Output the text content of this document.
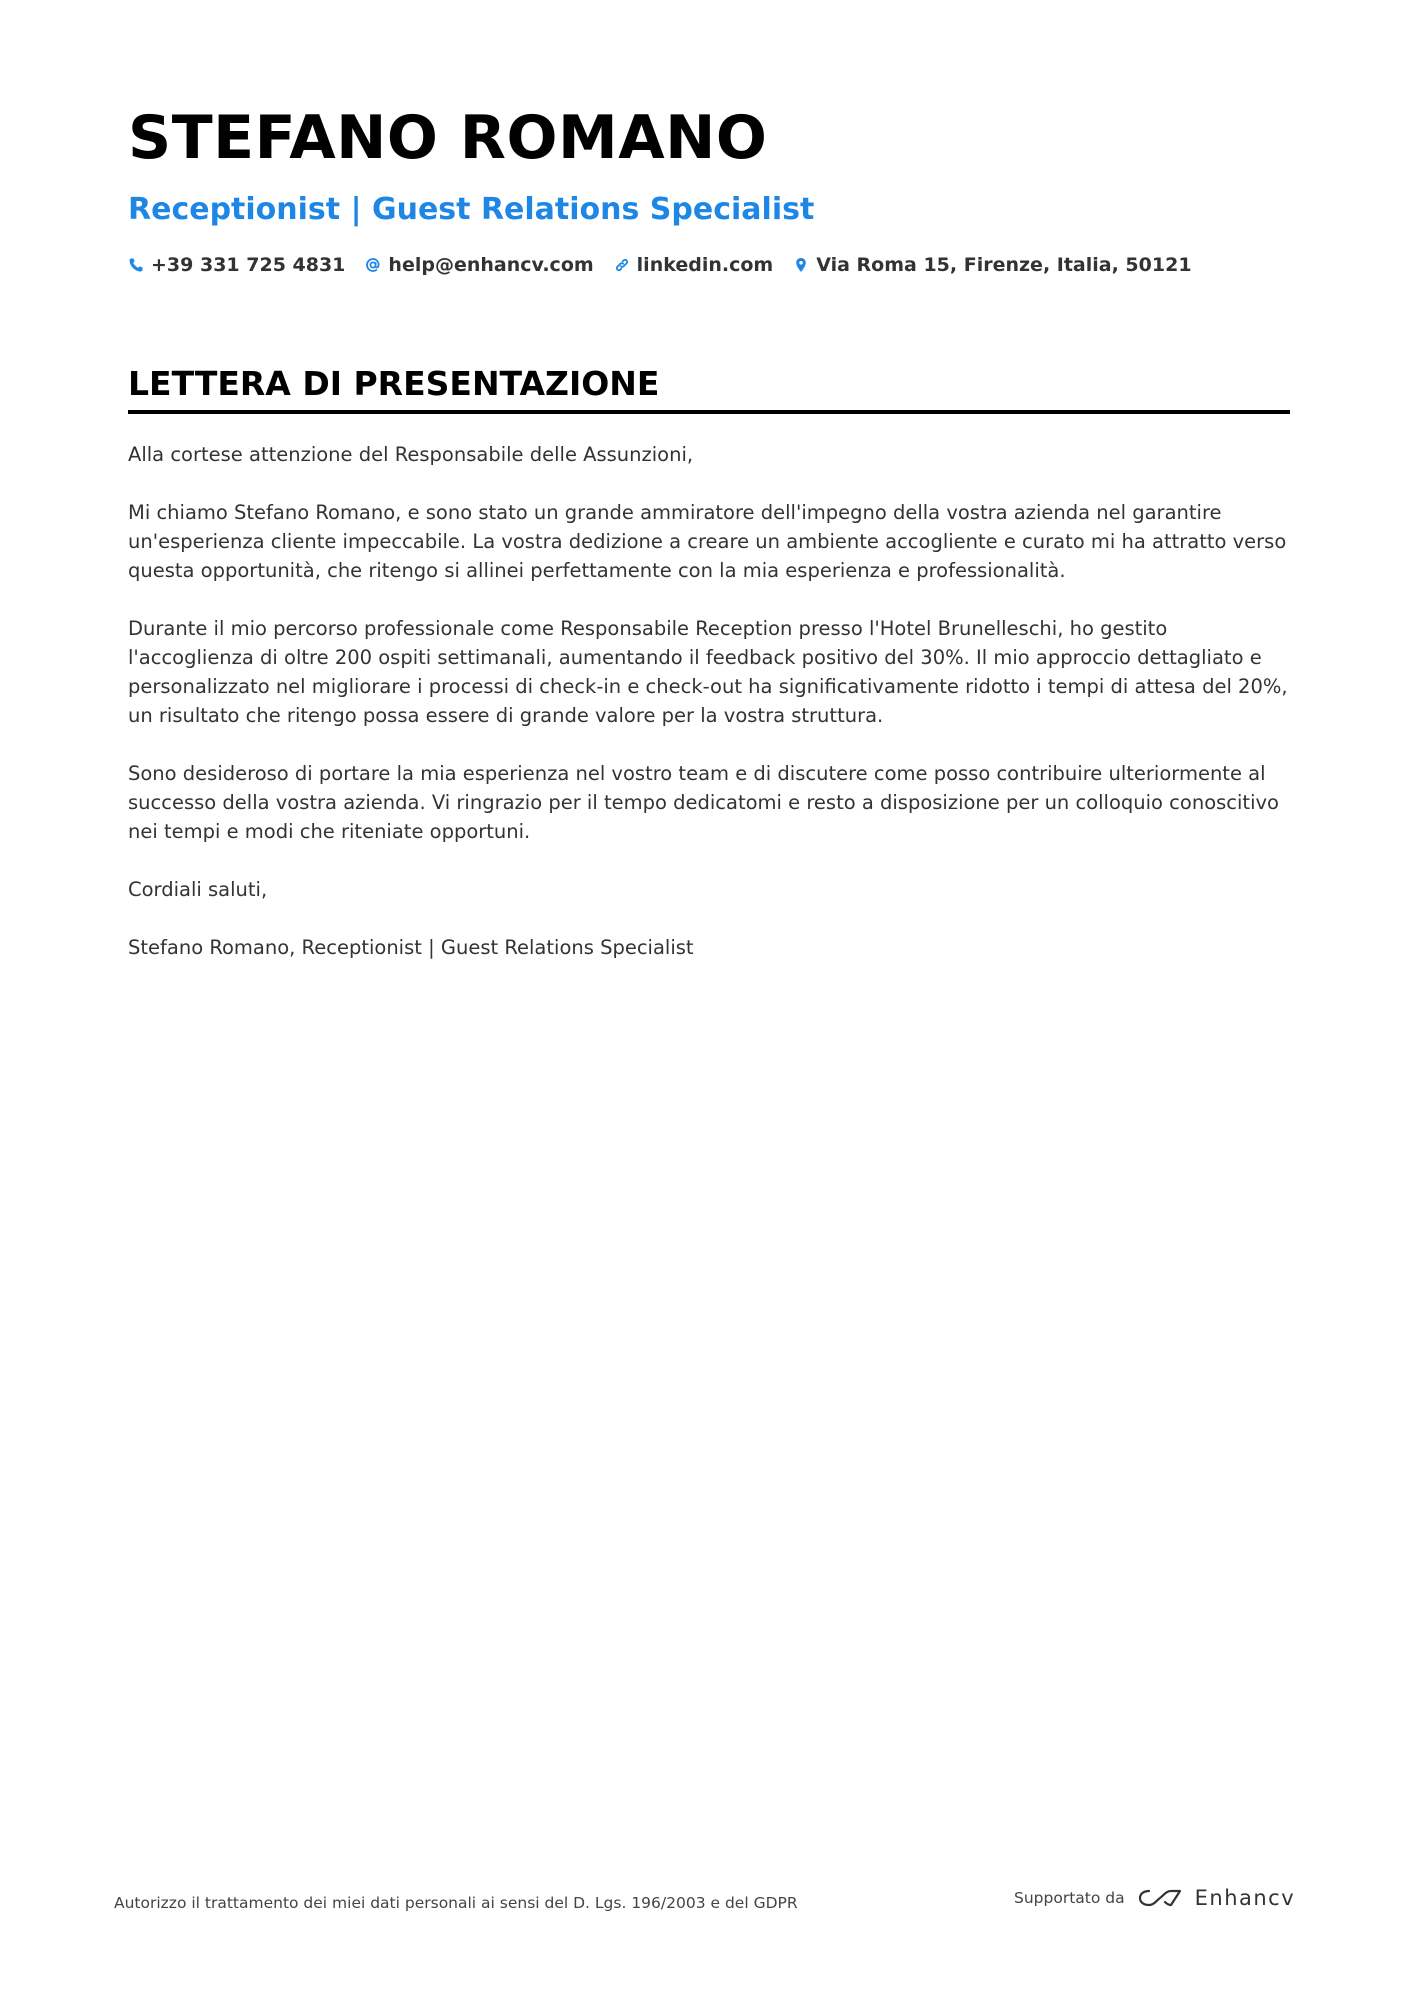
STEFANO ROMANO
Receptionist | Guest Relations Specialist
+39 331 725 4831 help@enhancv.com linkedin.com Via Roma 15, Firenze, Italia, 50121
LETTERA DI PRESENTAZIONE

Alla cortese attenzione del Responsabile delle Assunzioni,

Mi chiamo Stefano Romano, e sono stato un grande ammiratore dell'impegno della vostra azienda nel garantire un'esperienza cliente impeccabile. La vostra dedizione a creare un ambiente accogliente e curato mi ha attratto verso questa opportunità, che ritengo si allinei perfettamente con la mia esperienza e professionalità.

Durante il mio percorso professionale come Responsabile Reception presso l'Hotel Brunelleschi, ho gestito l'accoglienza di oltre 200 ospiti settimanali, aumentando il feedback positivo del 30%. Il mio approccio dettagliato e personalizzato nel migliorare i processi di check-in e check-out ha significativamente ridotto i tempi di attesa del 20%, un risultato che ritengo possa essere di grande valore per la vostra struttura.

Sono desideroso di portare la mia esperienza nel vostro team e di discutere come posso contribuire ulteriormente al successo della vostra azienda. Vi ringrazio per il tempo dedicatomi e resto a disposizione per un colloquio conoscitivo nei tempi e modi che riteniate opportuni.

Cordiali saluti,

Stefano Romano, Receptionist | Guest Relations Specialist

Autorizzo il trattamento dei miei dati personali ai sensi del D. Lgs. 196/2003 e del GDPR	Supportato da	Enhancv
